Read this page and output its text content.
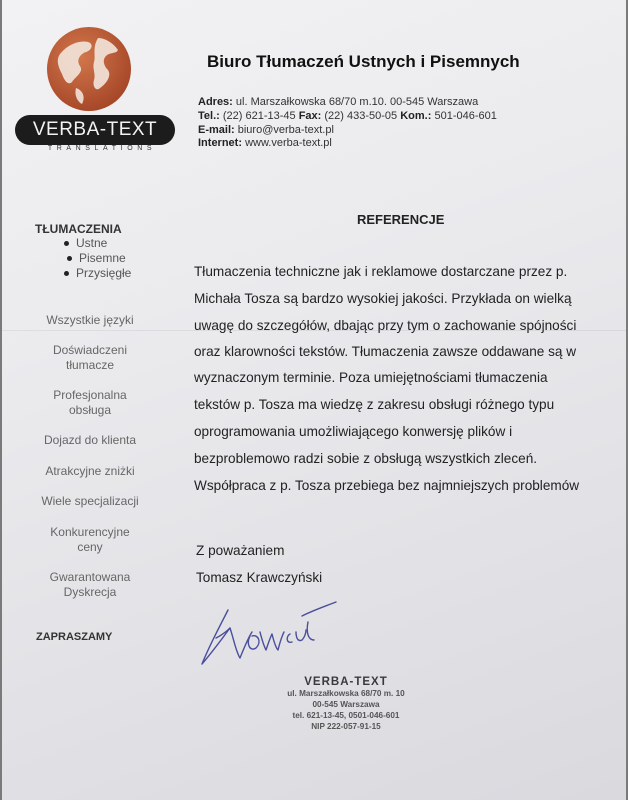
VERBA-TEXT
TRANSLATIONS
Biuro Tłumaczeń Ustnych i Pisemnych
Adres: ul. Marszałkowska 68/70 m.10. 00-545 Warszawa
Tel.: (22) 621-13-45 Fax: (22) 433-50-05 Kom.: 501-046-601
E-mail: biuro@verba-text.pl
Internet: www.verba-text.pl
TŁUMACZENIA
Ustne
Pisemne
Przysięgłe
Wszystkie języki
Doświadczeni
tłumacze
Profesjonalna
obsługa
Dojazd do klienta
Atrakcyjne zniżki
Wiele specjalizacji
Konkurencyjne
ceny
Gwarantowana
Dyskrecja
ZAPRASZAMY
REFERENCJE
Tłumaczenia techniczne jak i reklamowe dostarczane przez p.
Michała Tosza są bardzo wysokiej jakości. Przykłada on wielką
uwagę do szczegółów, dbając przy tym o zachowanie spójności
oraz klarowności tekstów. Tłumaczenia zawsze oddawane są w
wyznaczonym terminie. Poza umiejętnościami tłumaczenia
tekstów p. Tosza ma wiedzę z zakresu obsługi różnego typu
oprogramowania umożliwiającego konwersję plików i
bezproblemowo radzi sobie z obsługą wszystkich zleceń.
Współpraca z p. Tosza przebiega bez najmniejszych problemów
Z poważaniem
Tomasz Krawczyński
VERBA-TEXT
ul. Marszałkowska 68/70 m. 10
00-545 Warszawa
tel. 621-13-45, 0501-046-601
NIP 222-057-91-15
